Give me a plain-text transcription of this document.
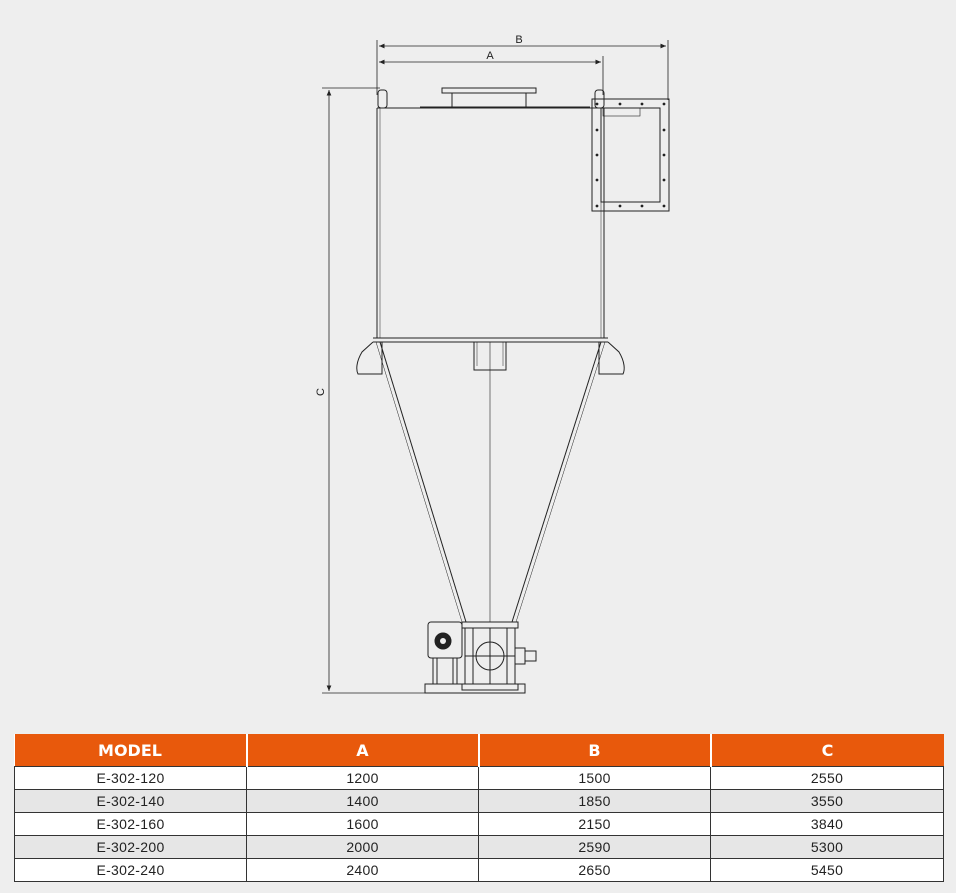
B
A
C
MODEL	A	B	C
E-302-120	1200	1500	2550
E-302-140	1400	1850	3550
E-302-160	1600	2150	3840
E-302-200	2000	2590	5300
E-302-240	2400	2650	5450
